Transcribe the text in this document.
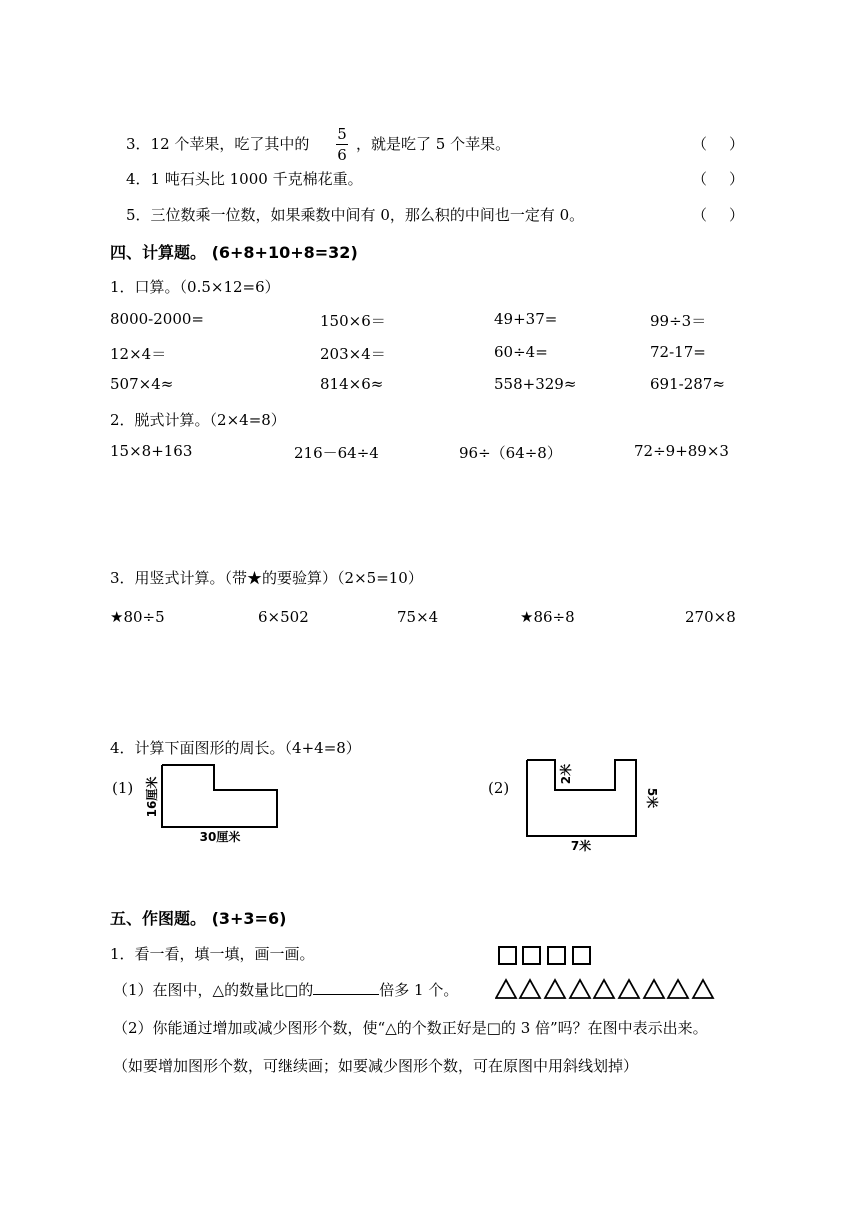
3．12 个苹果，吃了其中的
5
6
，就是吃了 5 个苹果。	（ ）
4．1 吨石头比 1000 千克棉花重。	（ ）
5．三位数乘一位数，如果乘数中间有 0，那么积的中间也一定有 0。	（ ）
四、计算题。 (6+8+10+8=32)
1．口算。（0.5×12=6）
8000-2000=	150×6＝	49+37=	99÷3＝
12×4＝	203×4＝	60÷4=	72-17=
507×4≈	814×6≈	558+329≈	691-287≈
2．脱式计算。（2×4=8）
15×8+163	216－64÷4	96÷（64÷8）	72÷9+89×3
3．用竖式计算。（带★的要验算）（2×5=10）
★80÷5	6×502	75×4	★86÷8	270×8
4．计算下面图形的周长。（4+4=8）
(1) 16厘米
30厘米
(2)
2米
5米
7米
五、作图题。 (3+3=6)
1．看一看，填一填，画一画。
（1）在图中，△的数量比□的	倍多 1 个。
（2）你能通过增加或减少图形个数，使“△的个数正好是□的 3 倍”吗？在图中表示出来。
（如要增加图形个数，可继续画；如要减少图形个数，可在原图中用斜线划掉）
